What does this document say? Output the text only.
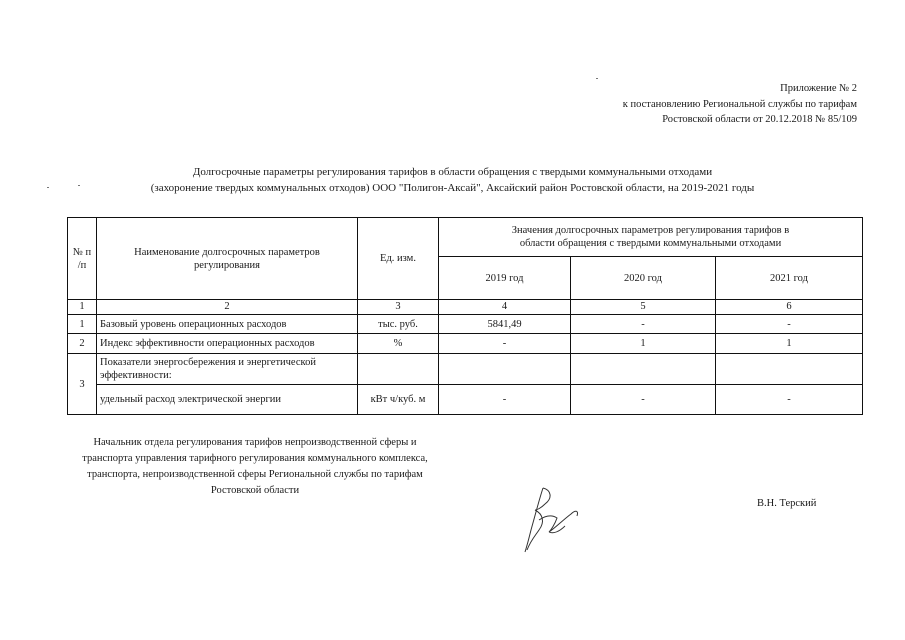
Приложение № 2
к постановлению Региональной службы по тарифам
Ростовской области от 20.12.2018 № 85/109
Долгосрочные параметры регулирования тарифов в области обращения с твердыми коммунальными отходами
(захоронение твердых коммунальных отходов) ООО "Полигон-Аксай", Аксайский район Ростовской области, на 2019-2021 годы
№ п /п	Наименование долгосрочных параметров регулирования	Ед. изм.	Значения долгосрочных параметров регулирования тарифов в области обращения с твердыми коммунальными отходами		
			2019 год	2020 год	2021 год
1	2	3	4	5	6
1	Базовый уровень операционных расходов	тыс. руб.	5841,49	-	-
2	Индекс эффективности операционных расходов	%	-	1	1
3	Показатели энергосбережения и энергетической эффективности:				
	удельный расход электрической энергии	кВт ч/куб. м	-	-	-
Начальник отдела регулирования тарифов непроизводственной сферы и транспорта управления тарифного регулирования коммунального комплекса, транспорта, непроизводственной сферы Региональной службы по тарифам Ростовской области
В.Н. Терский
